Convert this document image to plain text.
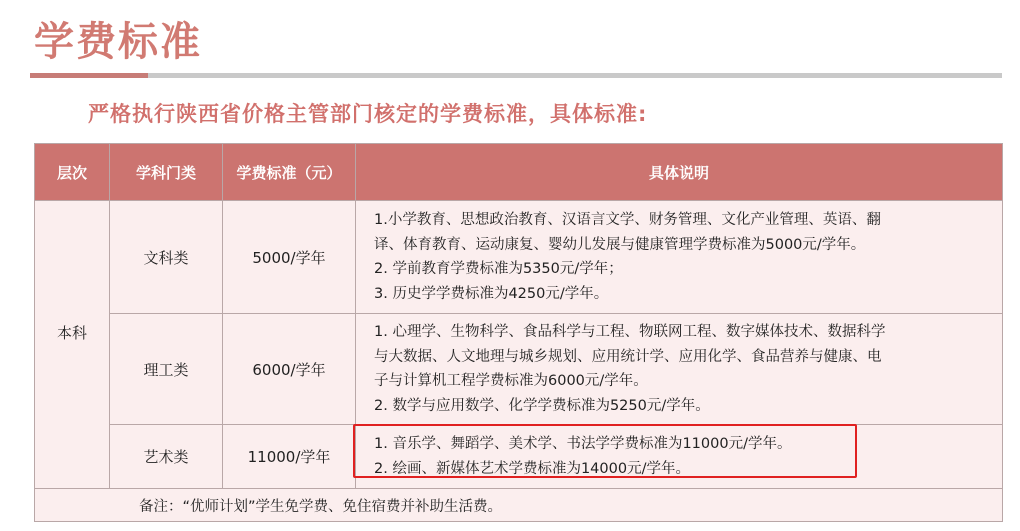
学费标准
严格执行陕西省价格主管部门核定的学费标准，具体标准:
层次	学科门类	学费标准（元）	具体说明
本科	文科类	5000/学年	1.小学教育、思想政治教育、汉语言文学、财务管理、文化产业管理、英语、翻
译、体育教育、运动康复、婴幼儿发展与健康管理学费标准为5000元/学年。
2. 学前教育学费标准为5350元/学年；
3. 历史学学费标准为4250元/学年。

	理工类	6000/学年	1. 心理学、生物科学、食品科学与工程、物联网工程、数字媒体技术、数据科学
与大数据、人文地理与城乡规划、应用统计学、应用化学、食品营养与健康、电
子与计算机工程学费标准为6000元/学年。
2. 数学与应用数学、化学学费标准为5250元/学年。

	艺术类	11000/学年	1. 音乐学、舞蹈学、美术学、书法学学费标准为11000元/学年。
2. 绘画、新媒体艺术学费标准为14000元/学年。

备注：“优师计划”学生免学费、免住宿费并补助生活费。			
